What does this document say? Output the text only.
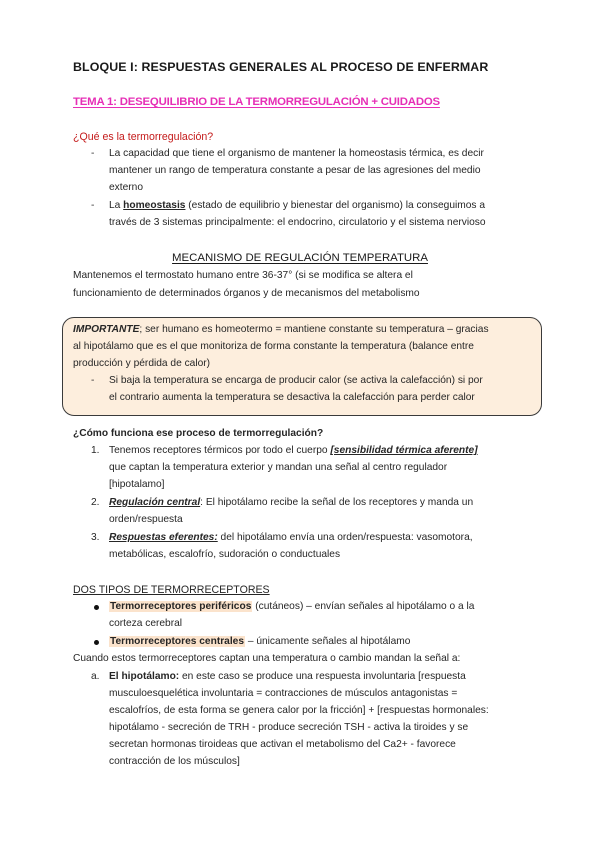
BLOQUE I: RESPUESTAS GENERALES AL PROCESO DE ENFERMAR
TEMA 1: DESEQUILIBRIO DE LA TERMORREGULACIÓN + CUIDADOS
¿Qué es la termorregulación?
- La capacidad que tiene el organismo de mantener la homeostasis térmica, es decir
mantener un rango de temperatura constante a pesar de las agresiones del medio
externo
- La homeostasis (estado de equilibrio y bienestar del organismo) la conseguimos a
través de 3 sistemas principalmente: el endocrino, circulatorio y el sistema nervioso
MECANISMO DE REGULACIÓN TEMPERATURA
Mantenemos el termostato humano entre 36-37° (si se modifica se altera el
funcionamiento de determinados órganos y de mecanismos del metabolismo
IMPORTANTE; ser humano es homeotermo = mantiene constante su temperatura – gracias
al hipotálamo que es el que monitoriza de forma constante la temperatura (balance entre
producción y pérdida de calor)
- Si baja la temperatura se encarga de producir calor (se activa la calefacción) si por
el contrario aumenta la temperatura se desactiva la calefacción para perder calor
¿Cómo funciona ese proceso de termorregulación?
1. Tenemos receptores térmicos por todo el cuerpo [sensibilidad térmica aferente]
que captan la temperatura exterior y mandan una señal al centro regulador
[hipotalamo]
2. Regulación central: El hipotálamo recibe la señal de los receptores y manda un
orden/respuesta
3. Respuestas eferentes: del hipotálamo envía una orden/respuesta: vasomotora,
metabólicas, escalofrío, sudoración o conductuales
DOS TIPOS DE TERMORRECEPTORES
Termorreceptores periféricos (cutáneos) – envían señales al hipotálamo o a la
corteza cerebral
Termorreceptores centrales – únicamente señales al hipotálamo
Cuando estos termorreceptores captan una temperatura o cambio mandan la señal a:
a. El hipotálamo: en este caso se produce una respuesta involuntaria [respuesta
musculoesquelética involuntaria = contracciones de músculos antagonistas =
escalofríos, de esta forma se genera calor por la fricción] + [respuestas hormonales:
hipotálamo - secreción de TRH - produce secreción TSH - activa la tiroides y se
secretan hormonas tiroideas que activan el metabolismo del Ca2+ - favorece
contracción de los músculos]
